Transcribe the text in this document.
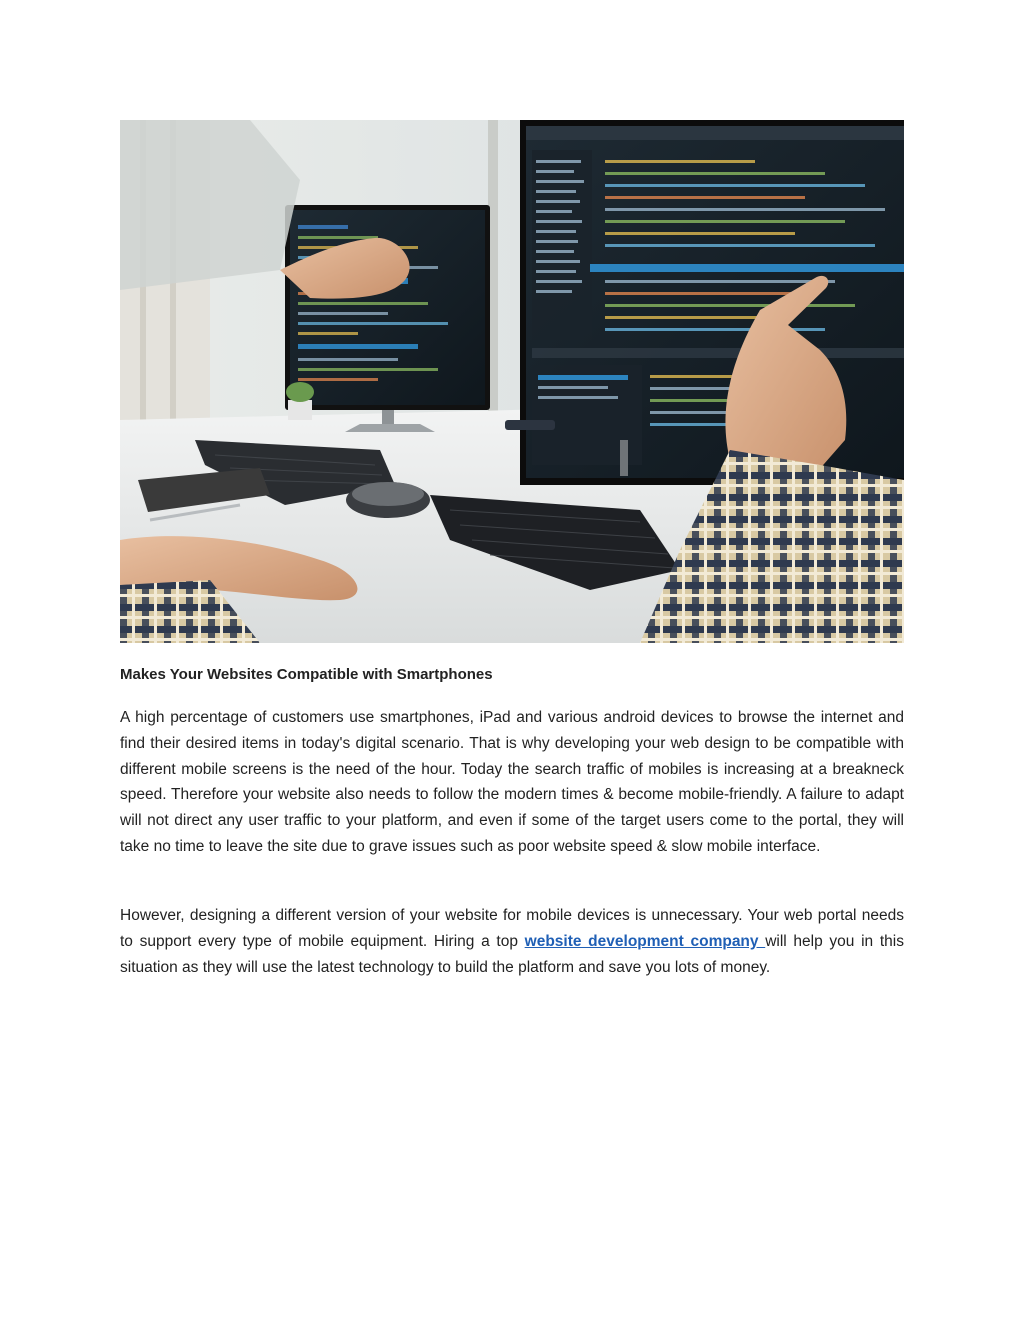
Makes Your Websites Compatible with Smartphones

A high percentage of customers use smartphones, iPad and various android devices to browse the internet and find their desired items in today's digital scenario. That is why developing your web design to be compatible with different mobile screens is the need of the hour. Today the search traffic of mobiles is increasing at a breakneck speed. Therefore your website also needs to follow the modern times & become mobile-friendly. A failure to adapt will not direct any user traffic to your platform, and even if some of the target users come to the portal, they will take no time to leave the site due to grave issues such as poor website speed & slow mobile interface.

However, designing a different version of your website for mobile devices is unnecessary. Your web portal needs to support every type of mobile equipment. Hiring a top website development company will help you in this situation as they will use the latest technology to build the platform and save you lots of money.
